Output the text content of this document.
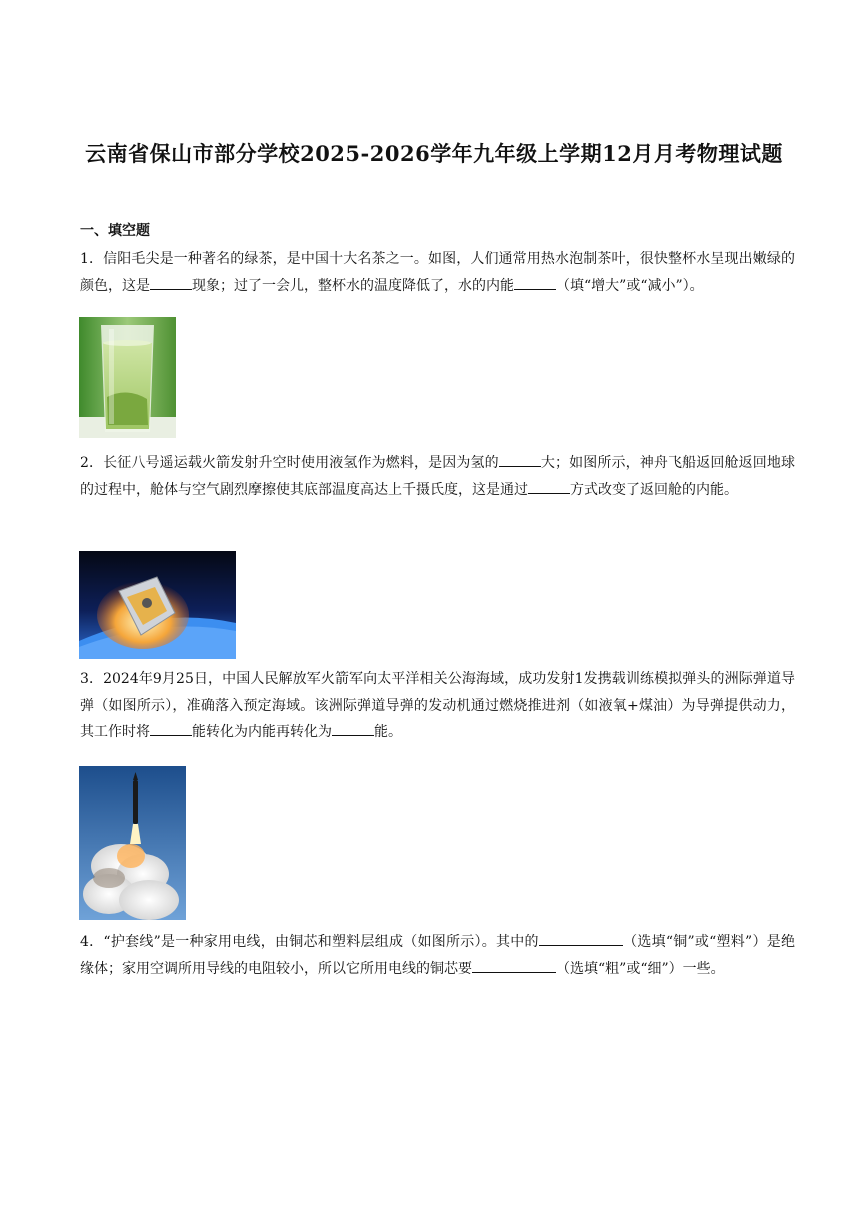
云南省保山市部分学校2025-2026学年九年级上学期12月月考物理试题
一、填空题
1．信阳毛尖是一种著名的绿茶，是中国十大名茶之一。如图，人们通常用热水泡制茶叶，很快整杯水呈现出嫩绿的颜色，这是	现象；过了一会儿，整杯水的温度降低了，水的内能	（填“增大”或“减小”）。
2．长征八号遥运载火箭发射升空时使用液氢作为燃料，是因为氢的	大；如图所示，神舟飞船返回舱返回地球的过程中，舱体与空气剧烈摩擦使其底部温度高达上千摄氏度，这是通过	方式改变了返回舱的内能。
3．2024年9月25日，中国人民解放军火箭军向太平洋相关公海海域，成功发射1发携载训练模拟弹头的洲际弹道导弹（如图所示），准确落入预定海域。该洲际弹道导弹的发动机通过燃烧推进剂（如液氧+煤油）为导弹提供动力，其工作时将	能转化为内能再转化为	能。
4．“护套线”是一种家用电线，由铜芯和塑料层组成（如图所示）。其中的	（选填“铜”或“塑料”）是绝缘体；家用空调所用导线的电阻较小，所以它所用电线的铜芯要	（选填“粗”或“细”）一些。
